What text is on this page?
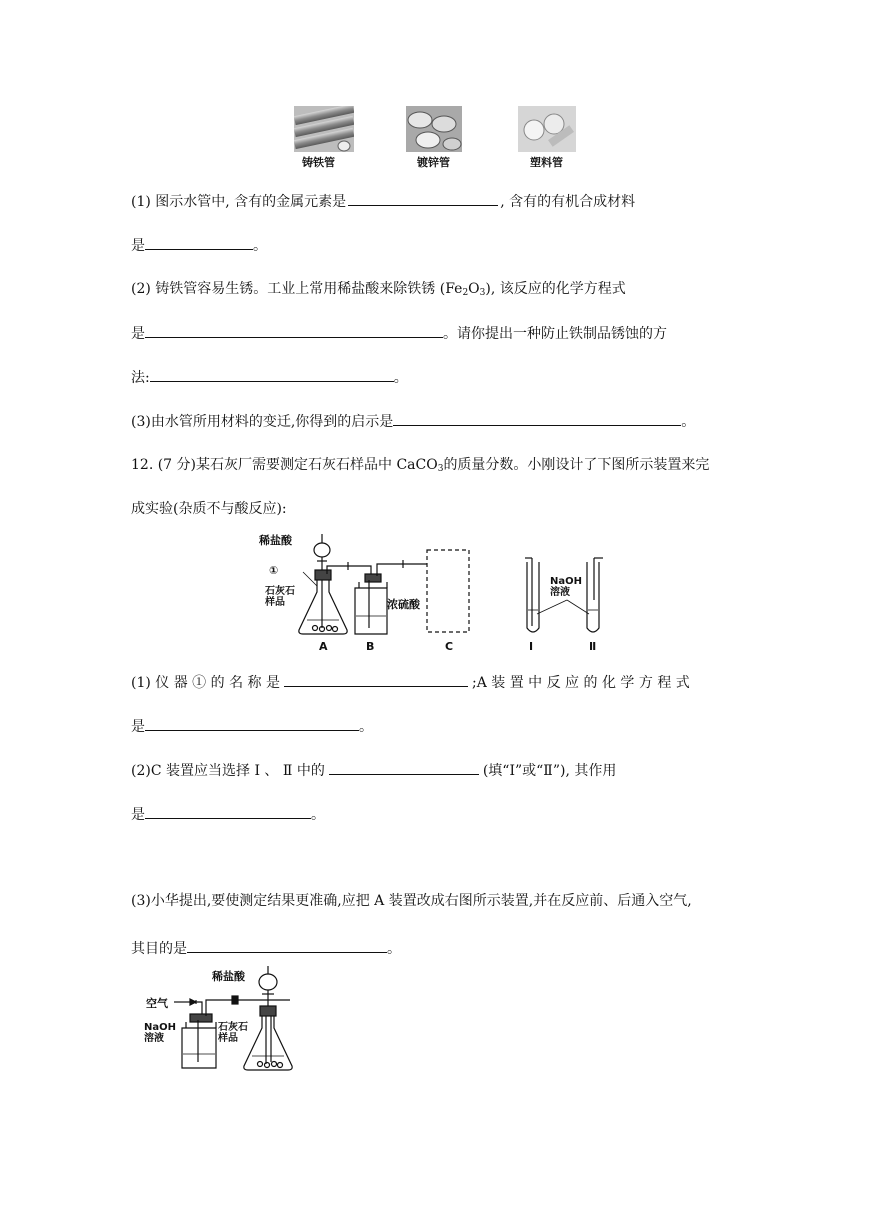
铸铁管	镀锌管	塑料管
(1) 图示水管中, 含有的金属元素是	, 含有的有机合成材料
是	。
(2) 铸铁管容易生锈。工业上常用稀盐酸来除铁锈 $(Fe_2O_3)$, 该反应的化学方程式
是	。请你提出一种防止铁制品锈蚀的方
法:	。
(3)由水管所用材料的变迁,你得到的启示是	。
12. (7 分)某石灰厂需要测定石灰石样品中 CaCO$_3$的质量分数。小刚设计了下图所示装置来完
成实验(杂质不与酸反应):
稀盐酸
①
石灰石
样品	浓硫酸
A	B	C
NaOH
溶液
Ⅰ	Ⅱ
(1) 仪 器 ① 的 名 称 是	;A 装 置 中 反 应 的 化 学 方 程 式
是	。
(2)C 装置应当选择 Ⅰ 、 Ⅱ 中的	(填“Ⅰ”或“Ⅱ”), 其作用
是	。
(3)小华提出,要使测定结果更准确,应把 A 装置改成右图所示装置,并在反应前、后通入空气,
其目的是	。
稀盐酸
空气
NaOH
溶液
石灰石
样品
